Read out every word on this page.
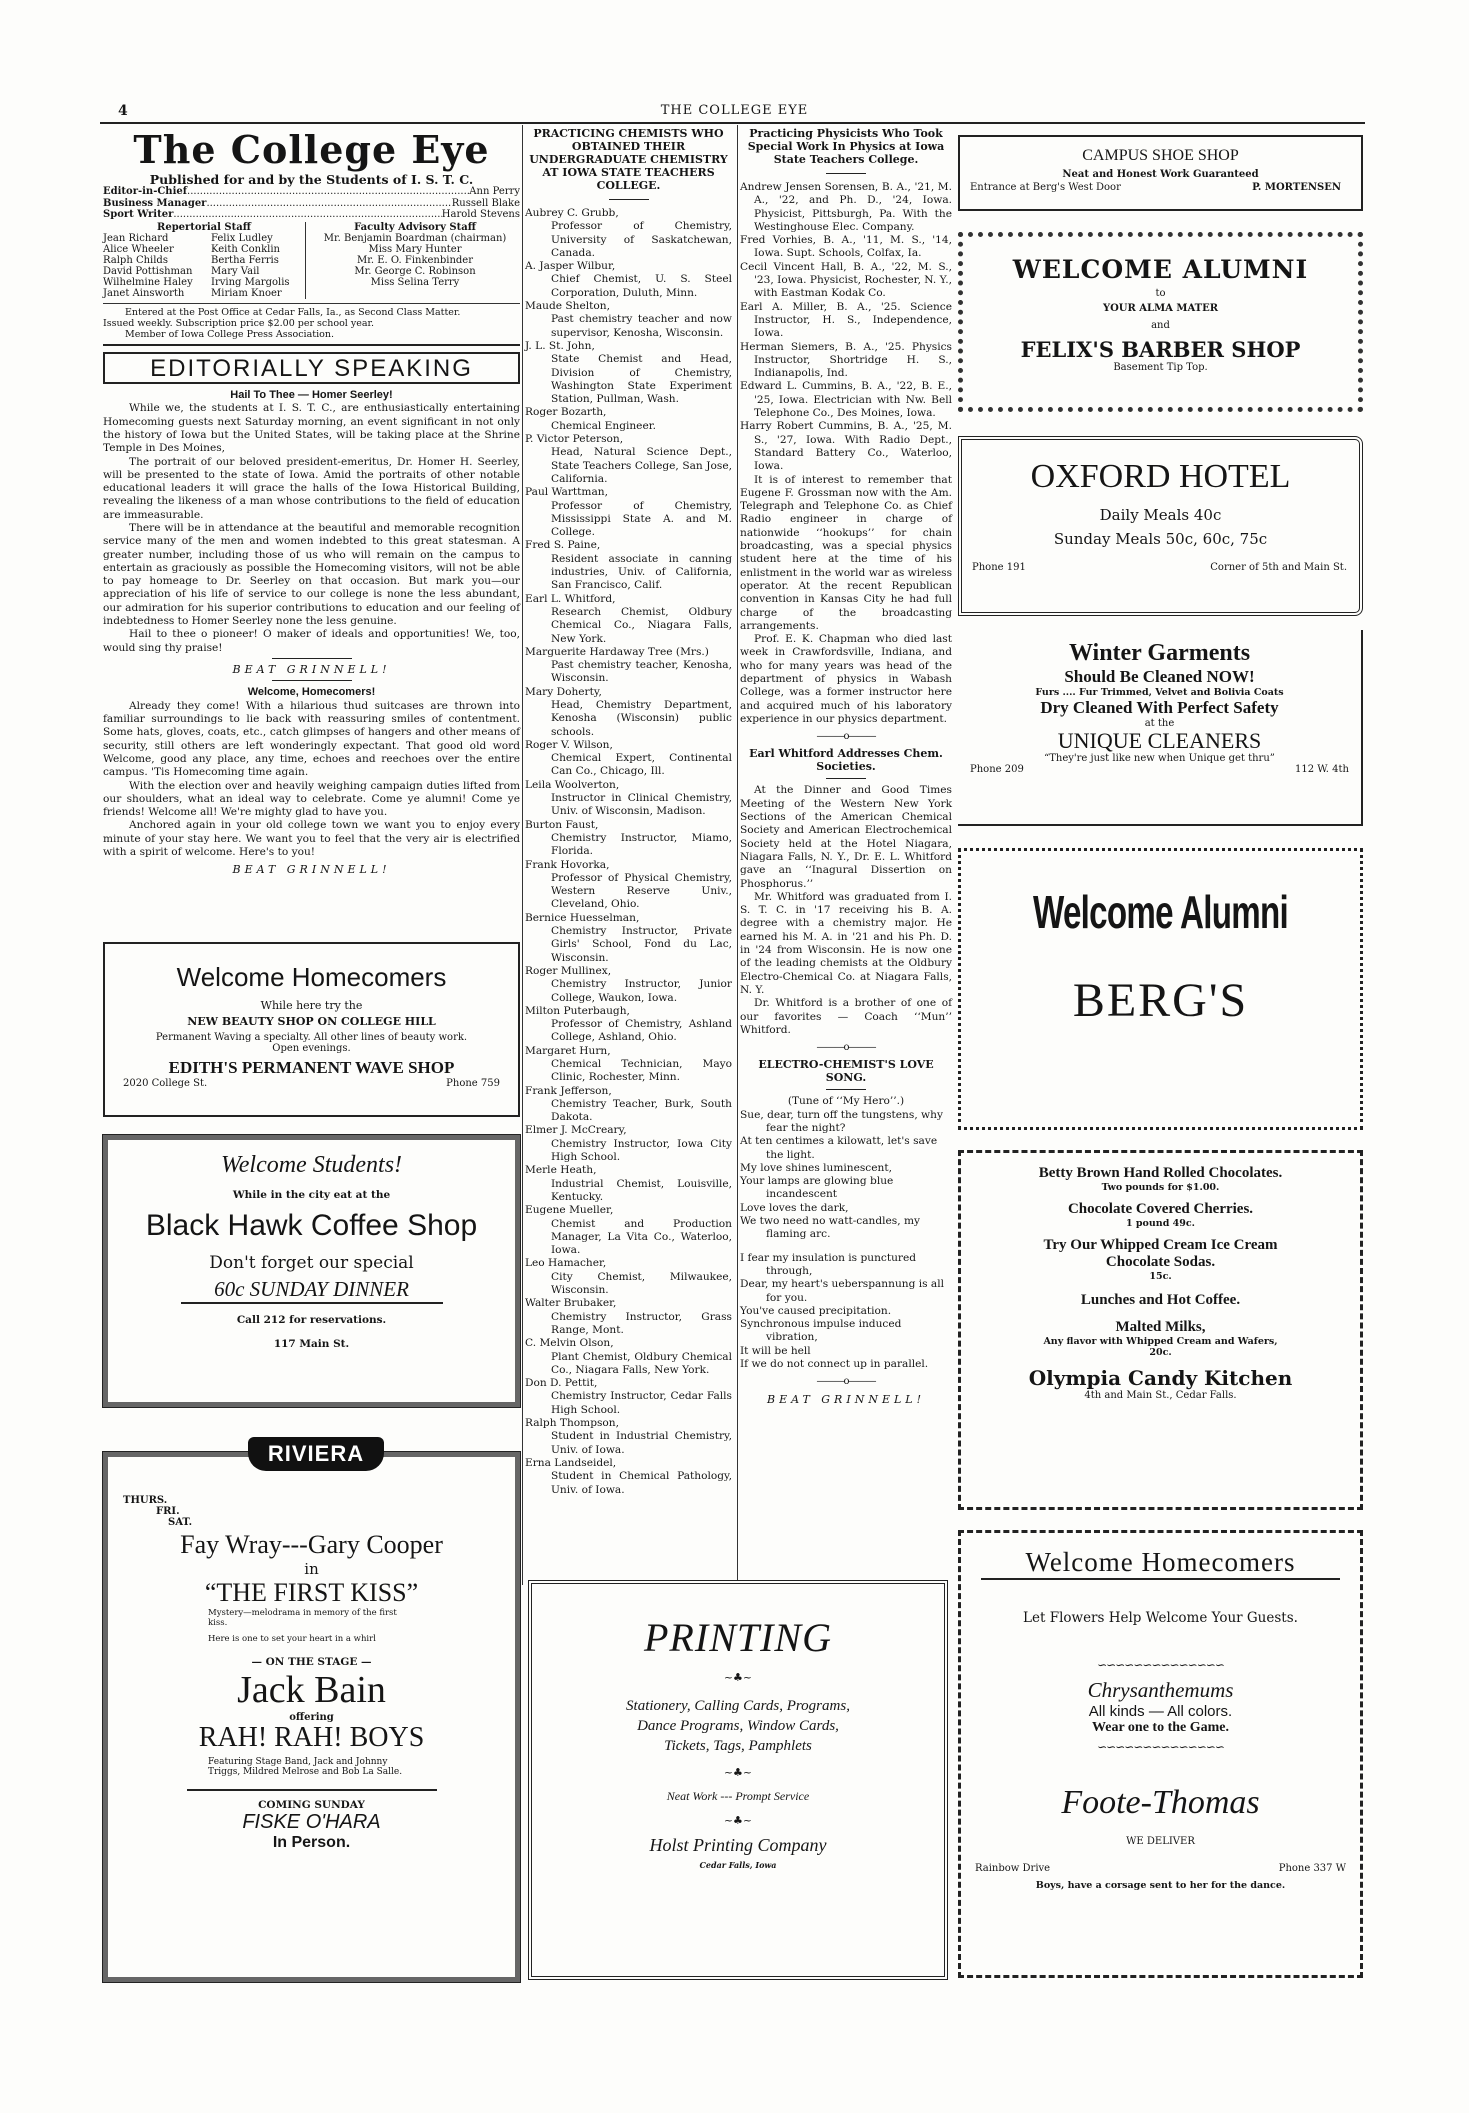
4	THE COLLEGE EYE
The College Eye
Published for and by the Students of I. S. T. C.
Editor-in-Chief .....	Ann Perry
Business Manager .....	Russell Blake
Sport Writer .....	Harold Stevens
Repertorial Staff
Jean Richard	Felix Ludley
Alice Wheeler	Keith Conklin
Ralph Childs	Bertha Ferris
David Pottishman	Mary Vail
Wilhelmine Haley	Irving Margolis
Janet Ainsworth	Miriam Knoer
Faculty Advisory Staff
Mr. Benjamin Boardman (chairman)
Miss Mary Hunter
Mr. E. O. Finkenbinder
Mr. George C. Robinson
Miss Selina Terry
Entered at the Post Office at Cedar Falls, Ia., as Second Class Matter.
Issued weekly. Subscription price $2.00 per school year.
Member of Iowa College Press Association.
EDITORIALLY SPEAKING
Hail To Thee — Homer Seerley!
While we, the students at I. S. T. C., are enthusiastically entertaining Homecoming guests next Saturday morning, an event significant in not only the history of Iowa but the United States, will be taking place at the Shrine Temple in Des Moines,
The portrait of our beloved president-emeritus, Dr. Homer H. Seerley, will be presented to the state of Iowa. Amid the portraits of other notable educational leaders it will grace the halls of the Iowa Historical Building, revealing the likeness of a man whose contributions to the field of education are immeasurable.
There will be in attendance at the beautiful and memorable recognition service many of the men and women indebted to this great statesman. A greater number, including those of us who will remain on the campus to entertain as graciously as possible the Homecoming visitors, will not be able to pay homeage to Dr. Seerley on that occasion. But mark you—our appreciation of his life of service to our college is none the less abundant, our admiration for his superior contributions to education and our feeling of indebtedness to Homer Seerley none the less genuine.
Hail to thee o pioneer! O maker of ideals and opportunities! We, too, would sing thy praise!
BEAT GRINNELL!
Welcome, Homecomers!
Already they come! With a hilarious thud suitcases are thrown into familiar surroundings to lie back with reassuring smiles of contentment. Some hats, gloves, coats, etc., catch glimpses of hangers and other means of security, still others are left wonderingly expectant. That good old word Welcome, good any place, any time, echoes and reechoes over the entire campus. 'Tis Homecoming time again.
With the election over and heavily weighing campaign duties lifted from our shoulders, what an ideal way to celebrate. Come ye alumni! Come ye friends! Welcome all! We're mighty glad to have you.
Anchored again in your old college town we want you to enjoy every minute of your stay here. We want you to feel that the very air is electrified with a spirit of welcome. Here's to you!
BEAT GRINNELL!
Welcome Homecomers
While here try the
NEW BEAUTY SHOP ON COLLEGE HILL
Permanent Waving a specialty. All other lines of beauty work.
Open evenings.
EDITH'S PERMANENT WAVE SHOP
2020 College St.	Phone 759
Welcome Students!
While in the city eat at the
Black Hawk Coffee Shop
Don't forget our special
60c SUNDAY DINNER
Call 212 for reservations.
117 Main St.
RIVIERA
THURS.
FRI.
SAT.
Fay Wray---Gary Cooper
in
“THE FIRST KISS”
Mystery—melodrama in memory of the first kiss.
Here is one to set your heart in a whirl
— ON THE STAGE —
Jack Bain
offering
RAH! RAH! BOYS
Featuring Stage Band, Jack and Johnny Triggs, Mildred Melrose and Bob La Salle.
COMING SUNDAY
FISKE O'HARA
In Person.
PRACTICING CHEMISTS WHO OBTAINED THEIR UNDERGRADUATE CHEMISTRY AT IOWA STATE TEACHERS COLLEGE.
Aubrey C. Grubb,
Professor of Chemistry, University of Saskatchewan, Canada.
A. Jasper Wilbur,
Chief Chemist, U. S. Steel Corporation, Duluth, Minn.
Maude Shelton,
Past chemistry teacher and now supervisor, Kenosha, Wisconsin.
J. L. St. John,
State Chemist and Head, Division of Chemistry, Washington State Experiment Station, Pullman, Wash.
Roger Bozarth,
Chemical Engineer.
P. Victor Peterson,
Head, Natural Science Dept., State Teachers College, San Jose, California.
Paul Warttman,
Professor of Chemistry, Mississippi State A. and M. College.
Fred S. Paine,
Resident associate in canning industries, Univ. of California, San Francisco, Calif.
Earl L. Whitford,
Research Chemist, Oldbury Chemical Co., Niagara Falls, New York.
Marguerite Hardaway Tree (Mrs.)
Past chemistry teacher, Kenosha, Wisconsin.
Mary Doherty,
Head, Chemistry Department, Kenosha (Wisconsin) public schools.
Roger V. Wilson,
Chemical Expert, Continental Can Co., Chicago, Ill.
Leila Woolverton,
Instructor in Clinical Chemistry, Univ. of Wisconsin, Madison.
Burton Faust,
Chemistry Instructor, Miamo, Florida.
Frank Hovorka,
Professor of Physical Chemistry, Western Reserve Univ., Cleveland, Ohio.
Bernice Huesselman,
Chemistry Instructor, Private Girls' School, Fond du Lac, Wisconsin.
Roger Mullinex,
Chemistry Instructor, Junior College, Waukon, Iowa.
Milton Puterbaugh,
Professor of Chemistry, Ashland College, Ashland, Ohio.
Margaret Hurn,
Chemical Technician, Mayo Clinic, Rochester, Minn.
Frank Jefferson,
Chemistry Teacher, Burk, South Dakota.
Elmer J. McCreary,
Chemistry Instructor, Iowa City High School.
Merle Heath,
Industrial Chemist, Louisville, Kentucky.
Eugene Mueller,
Chemist and Production Manager, La Vita Co., Waterloo, Iowa.
Leo Hamacher,
City Chemist, Milwaukee, Wisconsin.
Walter Brubaker,
Chemistry Instructor, Grass Range, Mont.
C. Melvin Olson,
Plant Chemist, Oldbury Chemical Co., Niagara Falls, New York.
Don D. Pettit,
Chemistry Instructor, Cedar Falls High School.
Ralph Thompson,
Student in Industrial Chemistry, Univ. of Iowa.
Erna Landseidel,
Student in Chemical Pathology, Univ. of Iowa.
Practicing Physicists Who Took Special Work In Physics at Iowa State Teachers College.
Andrew Jensen Sorensen, B. A., '21, M. A., '22, and Ph. D., '24, Iowa. Physicist, Pittsburgh, Pa. With the Westinghouse Elec. Company.
Fred Vorhies, B. A., '11, M. S., '14, Iowa. Supt. Schools, Colfax, Ia.
Cecil Vincent Hall, B. A., '22, M. S., '23, Iowa. Physicist, Rochester, N. Y., with Eastman Kodak Co.
Earl A. Miller, B. A., '25. Science Instructor, H. S., Independence, Iowa.
Herman Siemers, B. A., '25. Physics Instructor, Shortridge H. S., Indianapolis, Ind.
Edward L. Cummins, B. A., '22, B. E., '25, Iowa. Electrician with Nw. Bell Telephone Co., Des Moines, Iowa.
Harry Robert Cummins, B. A., '25, M. S., '27, Iowa. With Radio Dept., Standard Battery Co., Waterloo, Iowa.
It is of interest to remember that Eugene F. Grossman now with the Am. Telegraph and Telephone Co. as Chief Radio engineer in charge of nationwide ‘‘hookups’’ for chain broadcasting, was a special physics student here at the time of his enlistment in the world war as wireless operator. At the recent Republican convention in Kansas City he had full charge of the broadcasting arrangements.
Prof. E. K. Chapman who died last week in Crawfordsville, Indiana, and who for many years was head of the department of physics in Wabash College, was a former instructor here and acquired much of his laboratory experience in our physics department.
———o———
Earl Whitford Addresses Chem. Societies.
At the Dinner and Good Times Meeting of the Western New York Sections of the American Chemical Society and American Electrochemical Society held at the Hotel Niagara, Niagara Falls, N. Y., Dr. E. L. Whitford gave an ‘‘Inagural Dissertion on Phosphorus.’’
Mr. Whitford was graduated from I. S. T. C. in '17 receiving his B. A. degree with a chemistry major. He earned his M. A. in '21 and his Ph. D. in '24 from Wisconsin. He is now one of the leading chemists at the Oldbury Electro-Chemical Co. at Niagara Falls, N. Y.
Dr. Whitford is a brother of one of our favorites — Coach ‘‘Mun’’ Whitford.
———o———
ELECTRO-CHEMIST'S LOVE SONG.
(Tune of ‘‘My Hero’’.)
Sue, dear, turn off the tungstens, why fear the night?
At ten centimes a kilowatt, let's save the light.
My love shines luminescent,
Your lamps are glowing blue incandescent
Love loves the dark,
We two need no watt-candles, my flaming arc.
I fear my insulation is punctured through,
Dear, my heart's ueberspannung is all for you.
You've caused precipitation.
Synchronous impulse induced vibration,
It will be hell
If we do not connect up in parallel.
———o———
BEAT GRINNELL!
PRINTING
~♣~
Stationery, Calling Cards, Programs,
Dance Programs, Window Cards,
Tickets, Tags, Pamphlets
~♣~
Neat Work --- Prompt Service
~♣~
Holst Printing Company
Cedar Falls, Iowa
CAMPUS SHOE SHOP
Neat and Honest Work Guaranteed
Entrance at Berg's West Door	P. MORTENSEN
WELCOME ALUMNI
to
YOUR ALMA MATER
and
FELIX'S BARBER SHOP
Basement Tip Top.
OXFORD HOTEL
Daily Meals 40c
Sunday Meals 50c, 60c, 75c
Phone 191	Corner of 5th and Main St.
Winter Garments
Should Be Cleaned NOW!
Furs .... Fur Trimmed, Velvet and Bolivia Coats
Dry Cleaned With Perfect Safety
at the
UNIQUE CLEANERS
“They're just like new when Unique get thru”
Phone 209	112 W. 4th
Welcome Alumni
BERG'S
Betty Brown Hand Rolled Chocolates.
Two pounds for $1.00.
Chocolate Covered Cherries.
1 pound 49c.
Try Our Whipped Cream Ice Cream
Chocolate Sodas.
15c.
Lunches and Hot Coffee.
Malted Milks,
Any flavor with Whipped Cream and Wafers,
20c.
Olympia Candy Kitchen
4th and Main St., Cedar Falls.
Welcome Homecomers
Let Flowers Help Welcome Your Guests.
∽∽∽∽∽∽∽∽∽∽∽∽∽∽
Chrysanthemums
All kinds — All colors.
Wear one to the Game.
∽∽∽∽∽∽∽∽∽∽∽∽∽∽
Foote-Thomas
WE DELIVER
Rainbow Drive	Phone 337 W
Boys, have a corsage sent to her for the dance.
